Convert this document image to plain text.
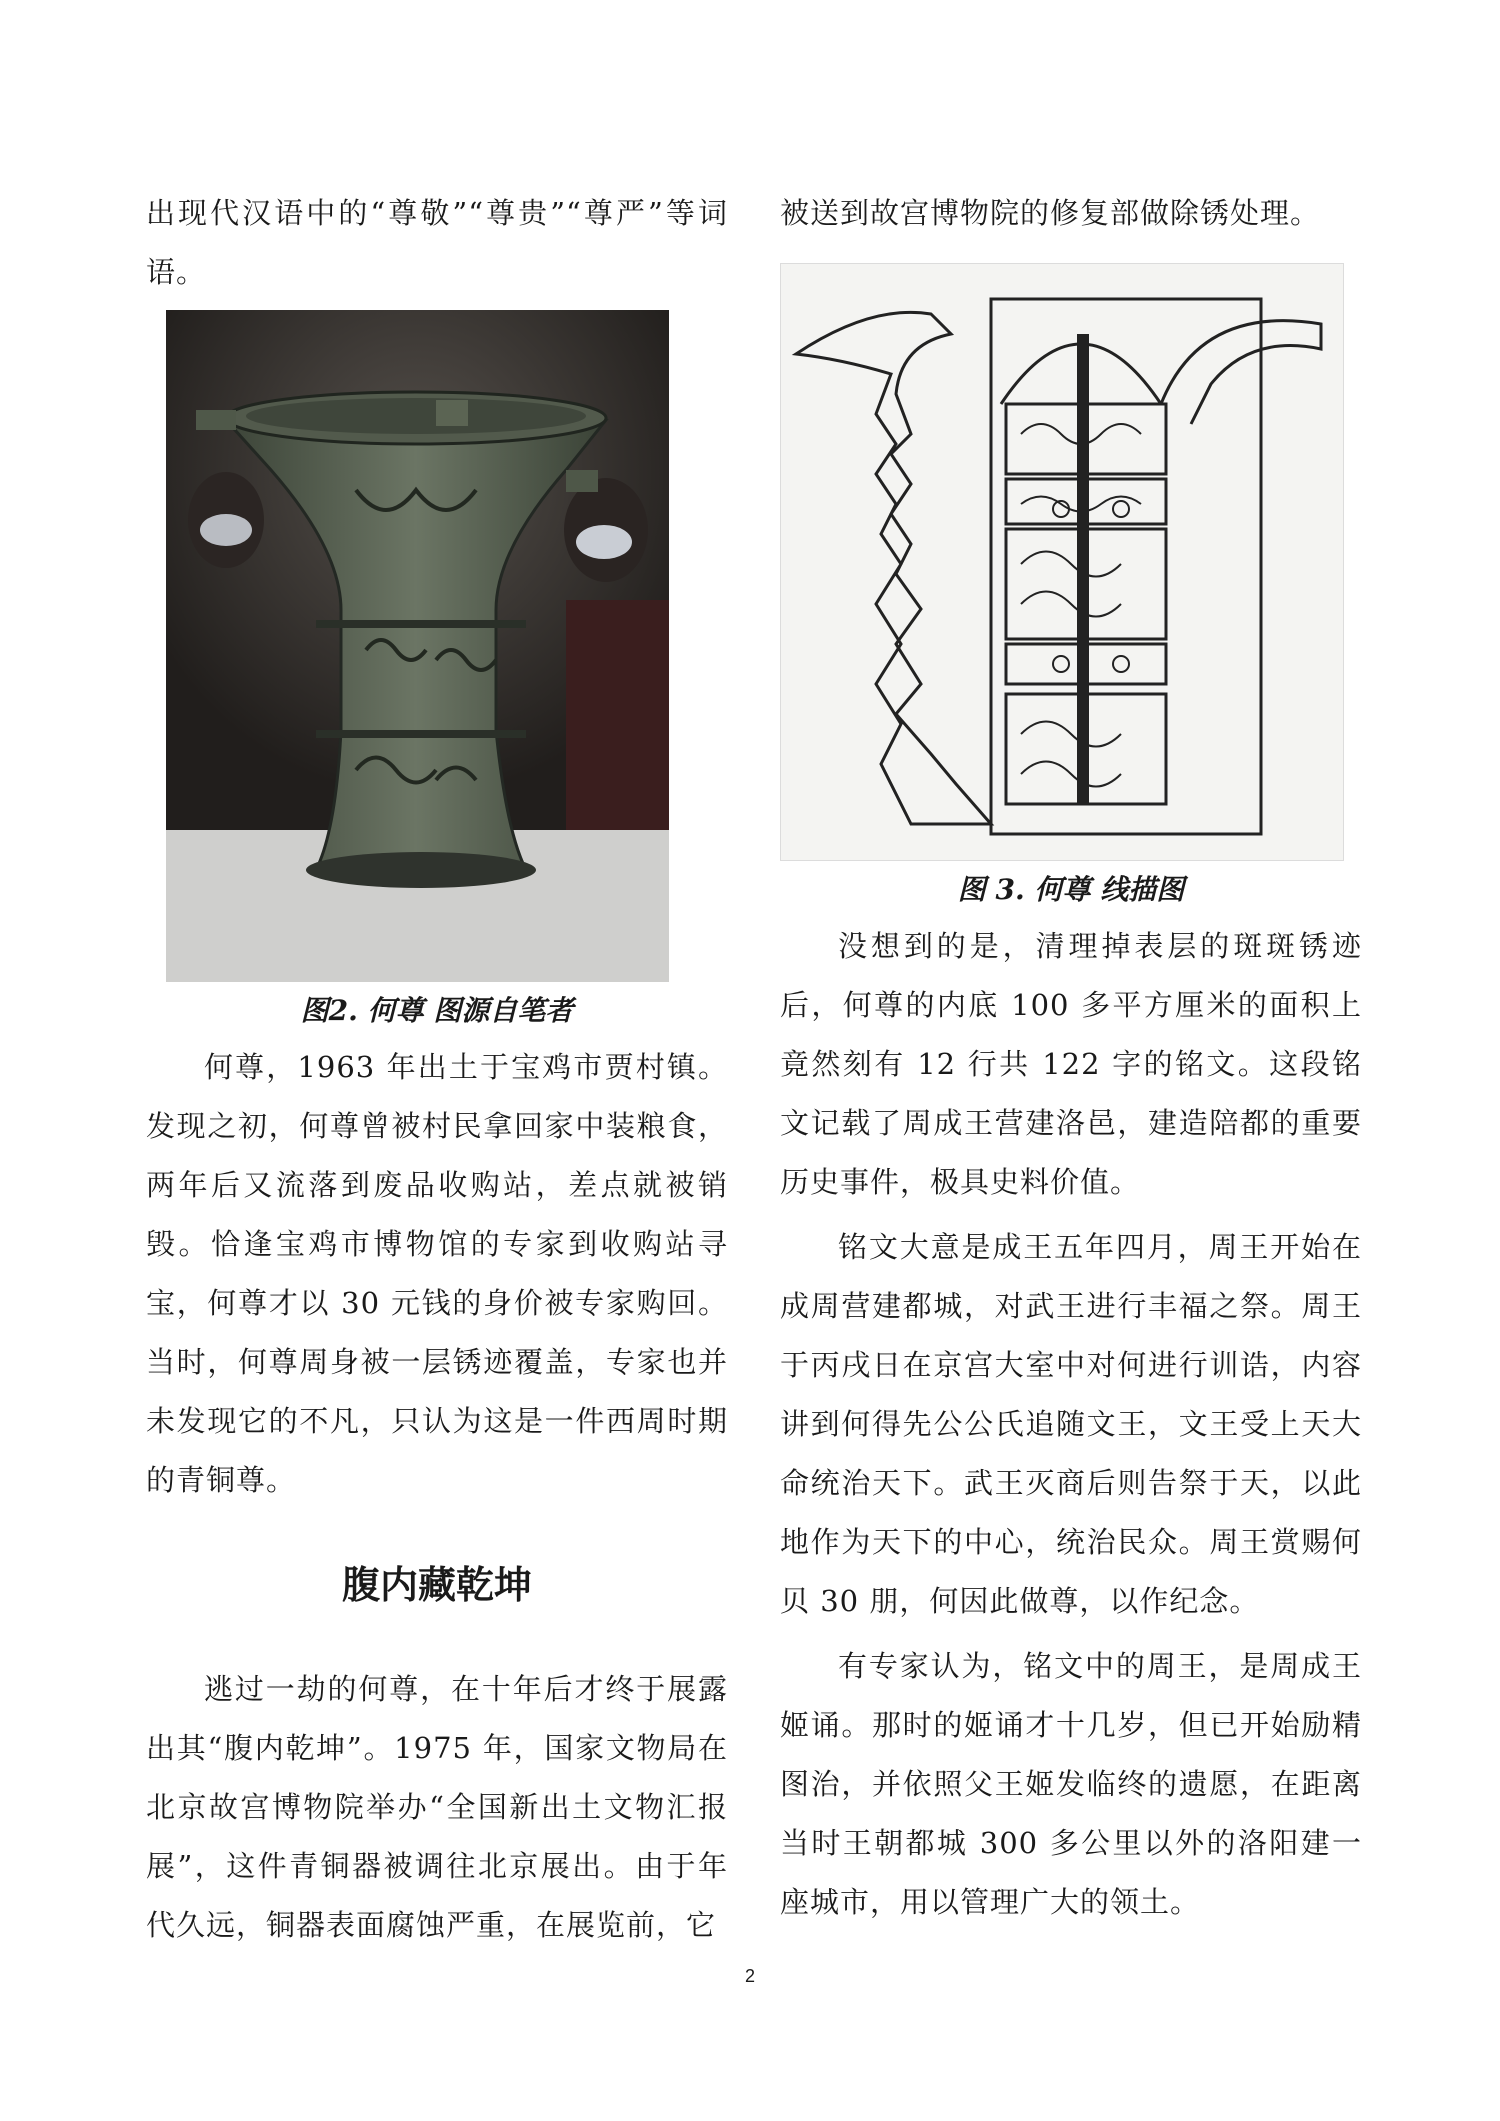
出现代汉语中的“尊敬”“尊贵”“尊严”等词语。

图2. 何尊 图源自笔者

何尊，1963 年出土于宝鸡市贾村镇。发现之初，何尊曾被村民拿回家中装粮食，两年后又流落到废品收购站，差点就被销毁。恰逢宝鸡市博物馆的专家到收购站寻宝，何尊才以 30 元钱的身价被专家购回。当时，何尊周身被一层锈迹覆盖，专家也并未发现它的不凡，只认为这是一件西周时期的青铜尊。

腹内藏乾坤

逃过一劫的何尊，在十年后才终于展露出其“腹内乾坤”。1975 年，国家文物局在北京故宫博物院举办“全国新出土文物汇报展”，这件青铜器被调往北京展出。由于年代久远，铜器表面腐蚀严重，在展览前，它

被送到故宫博物院的修复部做除锈处理。

图 3. 何尊 线描图

没想到的是，清理掉表层的斑斑锈迹后，何尊的内底 100 多平方厘米的面积上竟然刻有 12 行共 122 字的铭文。这段铭文记载了周成王营建洛邑，建造陪都的重要历史事件，极具史料价值。

铭文大意是成王五年四月，周王开始在成周营建都城，对武王进行丰福之祭。周王于丙戌日在京宫大室中对何进行训诰，内容讲到何得先公公氏追随文王，文王受上天大命统治天下。武王灭商后则告祭于天，以此地作为天下的中心，统治民众。周王赏赐何贝 30 朋，何因此做尊，以作纪念。

有专家认为，铭文中的周王，是周成王姬诵。那时的姬诵才十几岁，但已开始励精图治，并依照父王姬发临终的遗愿，在距离当时王朝都城 300 多公里以外的洛阳建一座城市，用以管理广大的领土。

2
